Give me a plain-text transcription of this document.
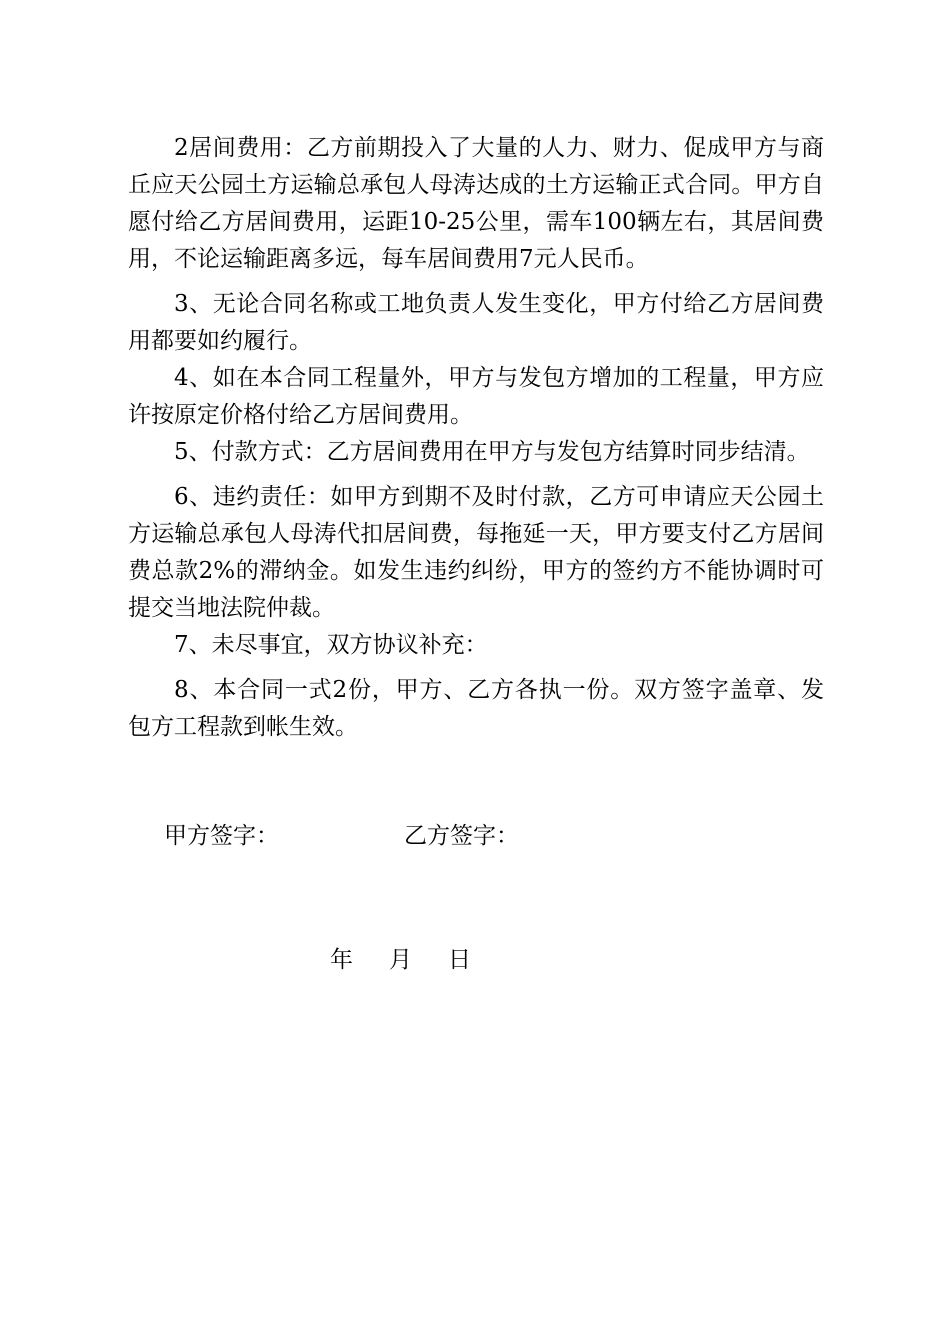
2居间费用：乙方前期投入了大量的人力、财力、促成甲方与商丘应天公园土方运输总承包人母涛达成的土方运输正式合同。甲方自愿付给乙方居间费用，运距10-25公里，需车100辆左右，其居间费用，不论运输距离多远，每车居间费用7元人民币。

3、无论合同名称或工地负责人发生变化，甲方付给乙方居间费用都要如约履行。

4、如在本合同工程量外，甲方与发包方增加的工程量，甲方应许按原定价格付给乙方居间费用。

5、付款方式：乙方居间费用在甲方与发包方结算时同步结清。

6、违约责任：如甲方到期不及时付款，乙方可申请应天公园土方运输总承包人母涛代扣居间费，每拖延一天，甲方要支付乙方居间费总款2%的滞纳金。如发生违约纠纷，甲方的签约方不能协调时可提交当地法院仲裁。

7、未尽事宜，双方协议补充：

8、本合同一式2份，甲方、乙方各执一份。双方签字盖章、发包方工程款到帐生效。

甲方签字：	乙方签字：
年 月 日
